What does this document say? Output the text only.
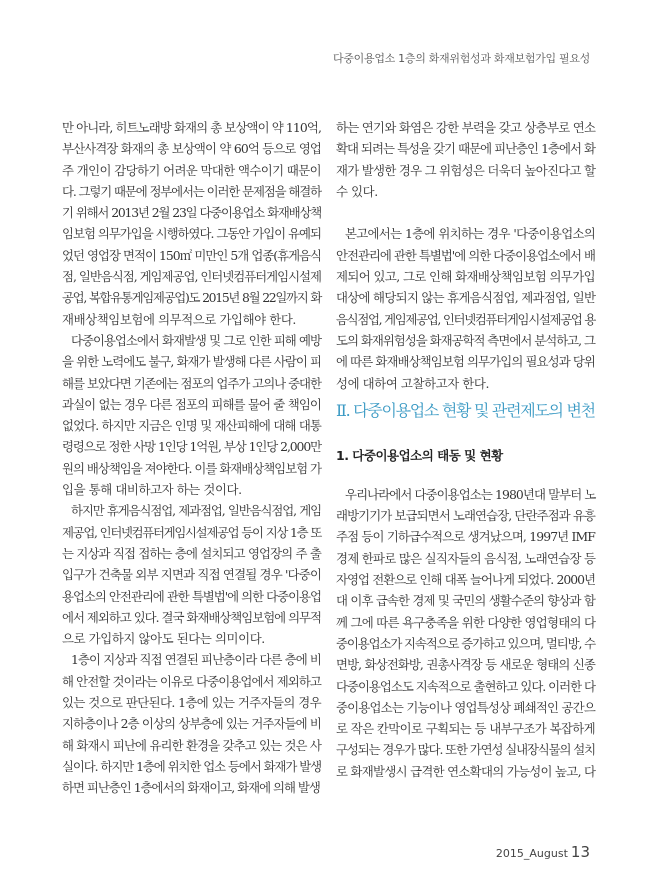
다중이용업소 1층의 화재위험성과 화재보험가입 필요성
만 아니라, 히트노래방 화재의 총 보상액이 약 110억,
부산사격장 화재의 총 보상액이 약 60억 등으로 영업
주 개인이 감당하기 어려운 막대한 액수이기 때문이
다. 그렇기 때문에 정부에서는 이러한 문제점을 해결하
기 위해서 2013년 2월 23일 다중이용업소 화재배상책
임보험 의무가입을 시행하였다. 그동안 가입이 유예되
었던 영업장 면적이 150㎡ 미만인 5개 업종(휴게음식
점, 일반음식점, 게임제공업, 인터넷컴퓨터게임시설제
공업, 복합유통게임제공업)도 2015년 8월 22일까지 화
재배상책임보험에 의무적으로 가입해야 한다.
다중이용업소에서 화재발생 및 그로 인한 피해 예방
을 위한 노력에도 불구, 화재가 발생해 다른 사람이 피
해를 보았다면 기존에는 점포의 업주가 고의나 중대한
과실이 없는 경우 다른 점포의 피해를 물어 줄 책임이
없었다. 하지만 지금은 인명 및 재산피해에 대해 대통
령령으로 정한 사망 1인당 1억원, 부상 1인당 2,000만
원의 배상책임을 져야한다. 이를 화재배상책임보험 가
입을 통해 대비하고자 하는 것이다.
하지만 휴게음식점업, 제과점업, 일반음식점업, 게임
제공업, 인터넷컴퓨터게임시설제공업 등이 지상 1층 또
는 지상과 직접 접하는 층에 설치되고 영업장의 주 출
입구가 건축물 외부 지면과 직접 연결될 경우 '다중이
용업소의 안전관리에 관한 특별법'에 의한 다중이용업
에서 제외하고 있다. 결국 화재배상책임보험에 의무적
으로 가입하지 않아도 된다는 의미이다.
1층이 지상과 직접 연결된 피난층이라 다른 층에 비
해 안전할 것이라는 이유로 다중이용업에서 제외하고
있는 것으로 판단된다. 1층에 있는 거주자들의 경우
지하층이나 2층 이상의 상부층에 있는 거주자들에 비
해 화재시 피난에 유리한 환경을 갖추고 있는 것은 사
실이다. 하지만 1층에 위치한 업소 등에서 화재가 발생
하면 피난층인 1층에서의 화재이고, 화재에 의해 발생
하는 연기와 화염은 강한 부력을 갖고 상층부로 연소
확대 되려는 특성을 갖기 때문에 피난층인 1층에서 화
재가 발생한 경우 그 위험성은 더욱더 높아진다고 할
수 있다.
본고에서는 1층에 위치하는 경우 '다중이용업소의
안전관리에 관한 특별법'에 의한 다중이용업소에서 배
제되어 있고, 그로 인해 화재배상책임보험 의무가입
대상에 해당되지 않는 휴게음식점업, 제과점업, 일반
음식점업, 게임제공업, 인터넷컴퓨터게임시설제공업 용
도의 화재위험성을 화재공학적 측면에서 분석하고, 그
에 따른 화재배상책임보험 의무가입의 필요성과 당위
성에 대하여 고찰하고자 한다.
Ⅱ. 다중이용업소 현황 및 관련제도의 변천
1. 다중이용업소의 태동 및 현황
우리나라에서 다중이용업소는 1980년대 말부터 노
래방기기가 보급되면서 노래연습장, 단란주점과 유흥
주점 등이 기하급수적으로 생겨났으며, 1997년 IMF
경제 한파로 많은 실직자들의 음식점, 노래연습장 등
자영업 전환으로 인해 대폭 늘어나게 되었다. 2000년
대 이후 급속한 경제 및 국민의 생활수준의 향상과 함
께 그에 따른 욕구충족을 위한 다양한 영업형태의 다
중이용업소가 지속적으로 증가하고 있으며, 멀티방, 수
면방, 화상전화방, 권총사격장 등 새로운 형태의 신종
다중이용업소도 지속적으로 출현하고 있다. 이러한 다
중이용업소는 기능이나 영업특성상 폐쇄적인 공간으
로 작은 칸막이로 구획되는 등 내부구조가 복잡하게
구성되는 경우가 많다. 또한 가연성 실내장식물의 설치
로 화재발생시 급격한 연소확대의 가능성이 높고, 다
2015_August 13
